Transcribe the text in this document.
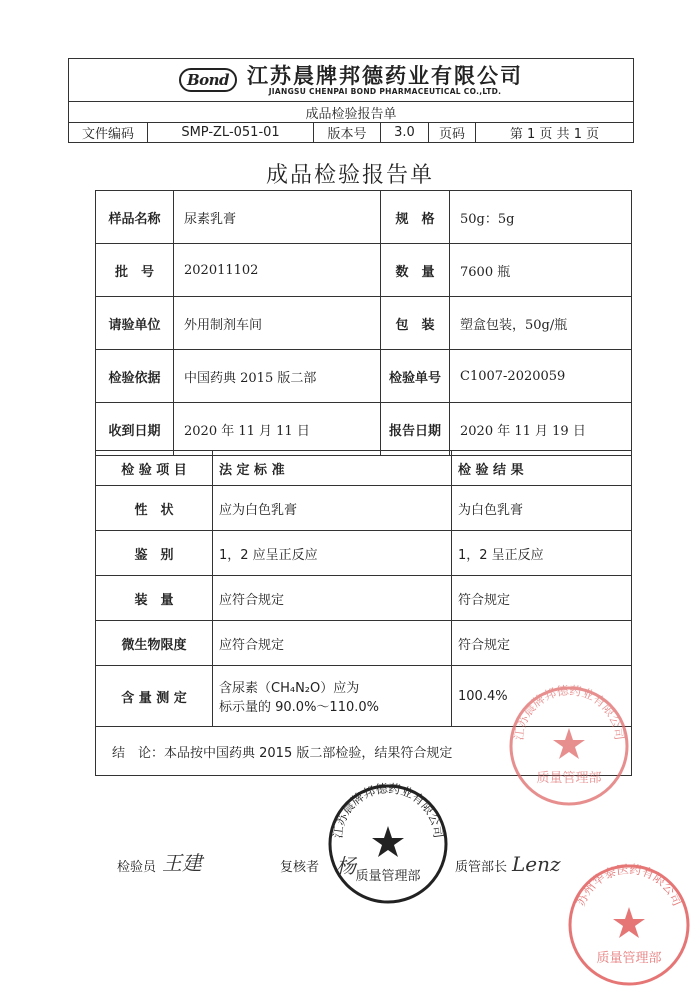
Bond 江苏晨牌邦德药业有限公司
JIANGSU CHENPAI BOND PHARMACEUTICAL CO.,LTD.

成品检验报告单
文件编码	SMP-ZL-051-01	版本号	3.0	页码	第 1 页 共 1 页
成品检验报告单
样品名称	尿素乳膏	规　格	50g：5g
批　号	202011102	数　量	7600 瓶
请验单位	外用制剂车间	包　装	塑盒包装，50g/瓶
检验依据	中国药典 2015 版二部	检验单号	C1007-2020059
收到日期	2020 年 11 月 11 日	报告日期	2020 年 11 月 19 日
检 验 项 目	法 定 标 准	检 验 结 果
性　状	应为白色乳膏	为白色乳膏
鉴　别	1，2 应呈正反应	1，2 呈正反应
装　量	应符合规定	符合规定
微生物限度	应符合规定	符合规定
含 量 测 定	含尿素（CH₄N₂O）应为
标示量的 90.0%～110.0%	100.4%
结　论：本品按中国药典 2015 版二部检验，结果符合规定		
检验员 王建	复核者 杨	质管部长 Lenz
江苏晨牌邦德药业有限公司
质量管理部
江苏晨牌邦德药业有限公司
质量管理部
苏州华泰医药有限公司
质量管理部
